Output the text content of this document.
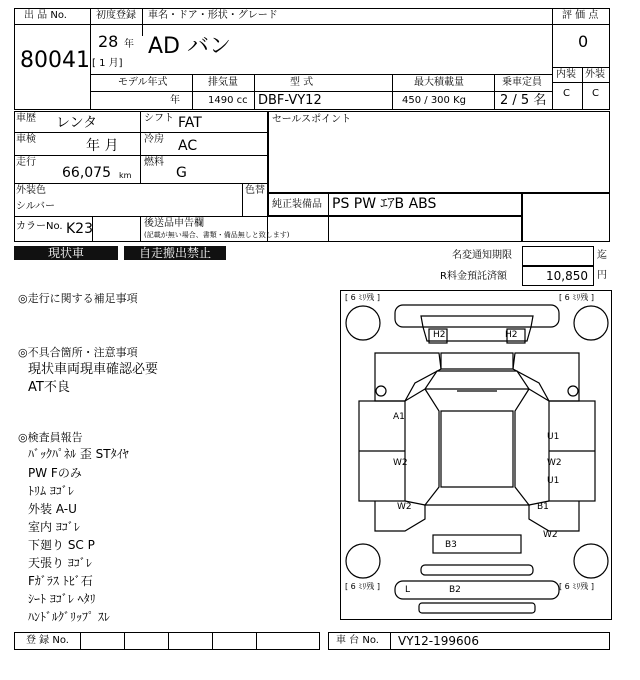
出 品 No.
80041
初度登録 車名・ドア・形状・グレード
28 年
[ 1 月]
AD バン
評 価 点
0
内装 外装
C C
モデル年式	排気量	型 式	最大積載量	乗車定員
年	1490 cc DBF-VY12	450 / 300 Kg	2 / 5 名
車歴 レンタ	シフト FAT
車検	年 月	冷房 AC
走行
66,075 km
燃料
G
外装色
シルバー
色替
セールスポイント
純正装備品 PS PW ｴｱB ABS
カラーNo. K23	後送品申告欄
(記載が無い場合、書類・備品無しと致します)
現状車	自走搬出禁止	名変通知期限	迄
R料金預託済額	10,850 円
◎走行に関する補足事項
◎不具合箇所・注意事項
現状車両現車確認必要
AT不良
◎検査員報告
ﾊﾞｯｸﾊﾟﾈﾙ 歪 STﾀｲﾔ
PW Fのみ
ﾄﾘﾑ ﾖｺﾞﾚ
外装 A-U
室内 ﾖｺﾞﾚ
下廻り SC P
天張り ﾖｺﾞﾚ
Fｶﾞﾗｽ ﾄﾋﾞ石
ｼｰﾄ ﾖｺﾞﾚ ﾍﾀﾘ
ﾊﾝﾄﾞﾙｸﾞﾘｯﾌﾟ ｽﾚ
[ 6 ﾐﾘ残 ]	[ 6 ﾐﾘ残 ]
[ 6 ﾐﾘ残 ]	[ 6 ﾐﾘ残 ]
H2	H2
A1
U1
W2	W2
U1
W2	B1
W2
B3
L	B2
登 録 No.	車 台 No. VY12-199606
